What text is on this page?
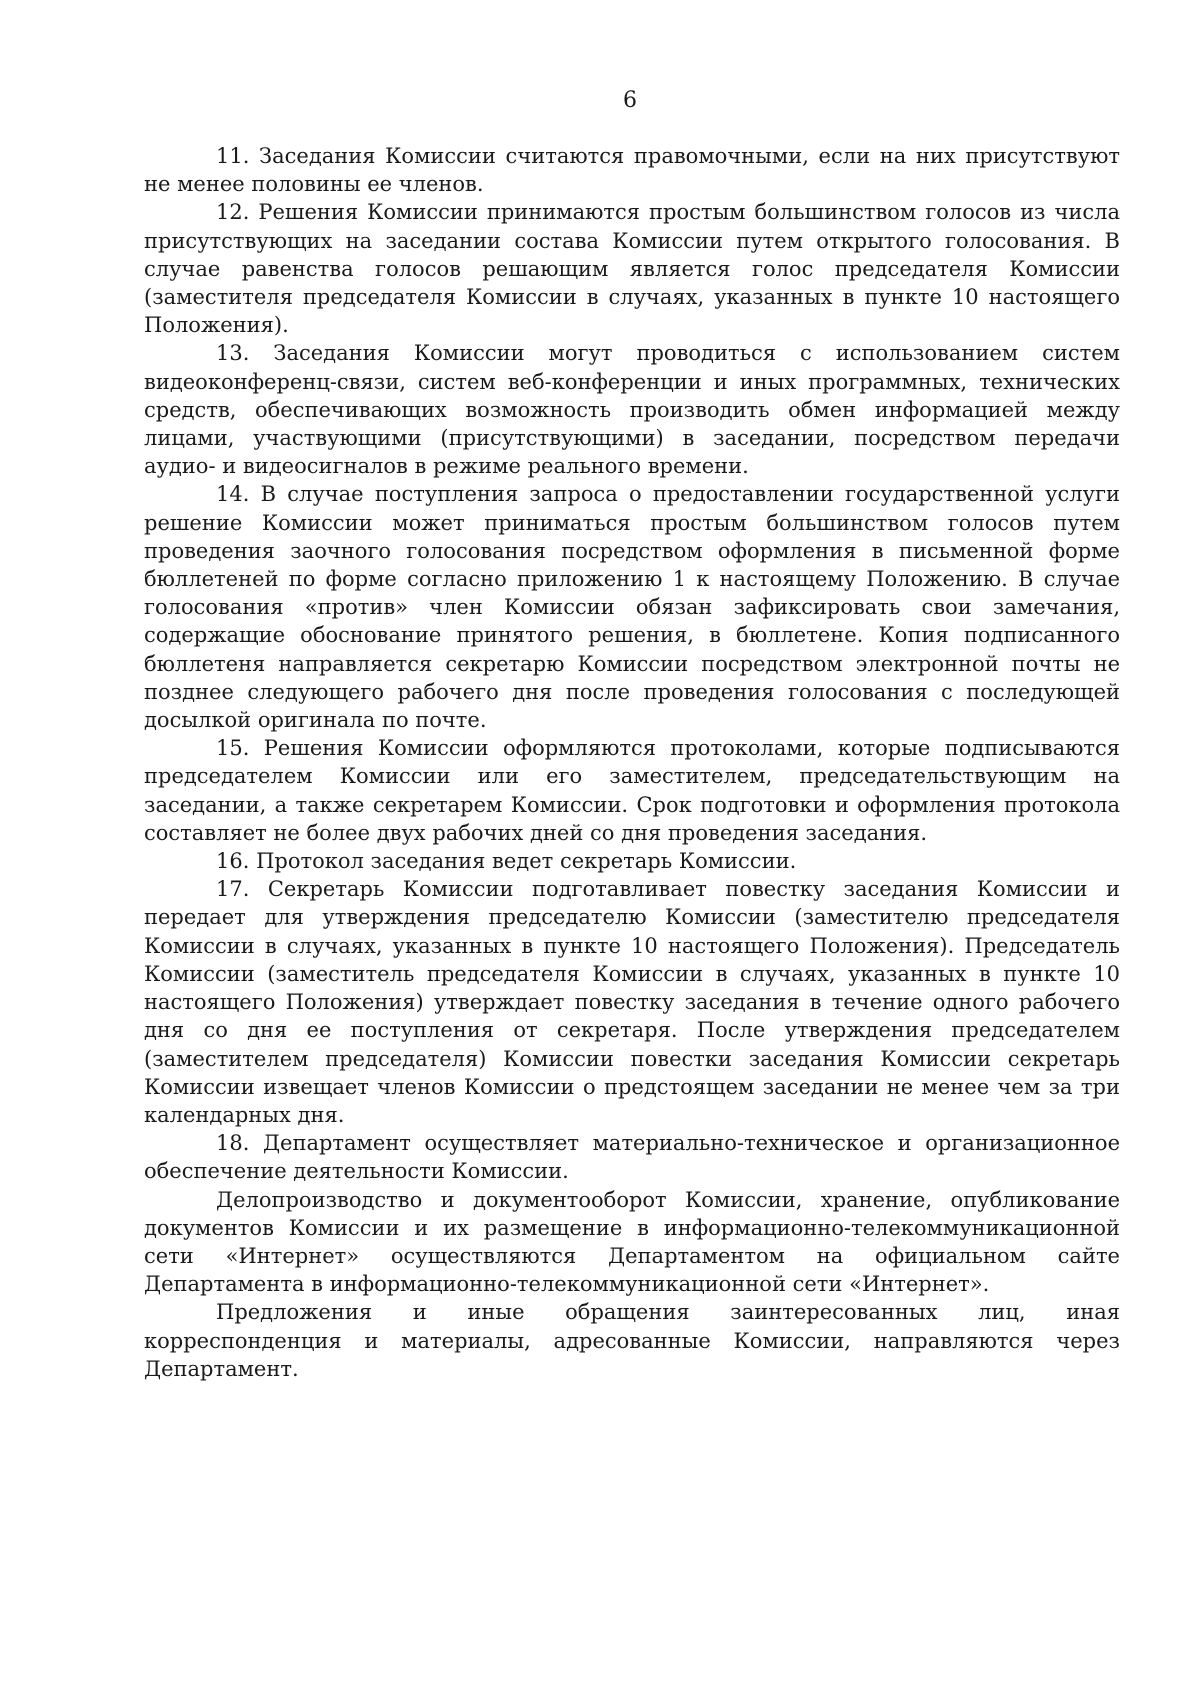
6

11. Заседания Комиссии считаются правомочными, если на них присутствуют не менее половины ее членов.

12. Решения Комиссии принимаются простым большинством голосов из числа присутствующих на заседании состава Комиссии путем открытого голосования. В случае равенства голосов решающим является голос председателя Комиссии (заместителя председателя Комиссии в случаях, указанных в пункте 10 настоящего Положения).

13. Заседания Комиссии могут проводиться с использованием систем видеоконференц-связи, систем веб-конференции и иных программных, технических средств, обеспечивающих возможность производить обмен информацией между лицами, участвующими (присутствующими) в заседании, посредством передачи аудио- и видеосигналов в режиме реального времени.

14. В случае поступления запроса о предоставлении государственной услуги решение Комиссии может приниматься простым большинством голосов путем проведения заочного голосования посредством оформления в письменной форме бюллетеней по форме согласно приложению 1 к настоящему Положению. В случае голосования «против» член Комиссии обязан зафиксировать свои замечания, содержащие обоснование принятого решения, в бюллетене. Копия подписанного бюллетеня направляется секретарю Комиссии посредством электронной почты не позднее следующего рабочего дня после проведения голосования с последующей досылкой оригинала по почте.

15. Решения Комиссии оформляются протоколами, которые подписываются председателем Комиссии или его заместителем, председательствующим на заседании, а также секретарем Комиссии. Срок подготовки и оформления протокола составляет не более двух рабочих дней со дня проведения заседания.

16. Протокол заседания ведет секретарь Комиссии.

17. Секретарь Комиссии подготавливает повестку заседания Комиссии и передает для утверждения председателю Комиссии (заместителю председателя Комиссии в случаях, указанных в пункте 10 настоящего Положения). Председатель Комиссии (заместитель председателя Комиссии в случаях, указанных в пункте 10 настоящего Положения) утверждает повестку заседания в течение одного рабочего дня со дня ее поступления от секретаря. После утверждения председателем (заместителем председателя) Комиссии повестки заседания Комиссии секретарь Комиссии извещает членов Комиссии о предстоящем заседании не менее чем за три календарных дня.

18. Департамент осуществляет материально-техническое и организационное обеспечение деятельности Комиссии.

Делопроизводство и документооборот Комиссии, хранение, опубликование документов Комиссии и их размещение в информационно-телекоммуникационной сети «Интернет» осуществляются Департаментом на официальном сайте Департамента в информационно-телекоммуникационной сети «Интернет».

Предложения и иные обращения заинтересованных лиц, иная корреспонденция и материалы, адресованные Комиссии, направляются через Департамент.
